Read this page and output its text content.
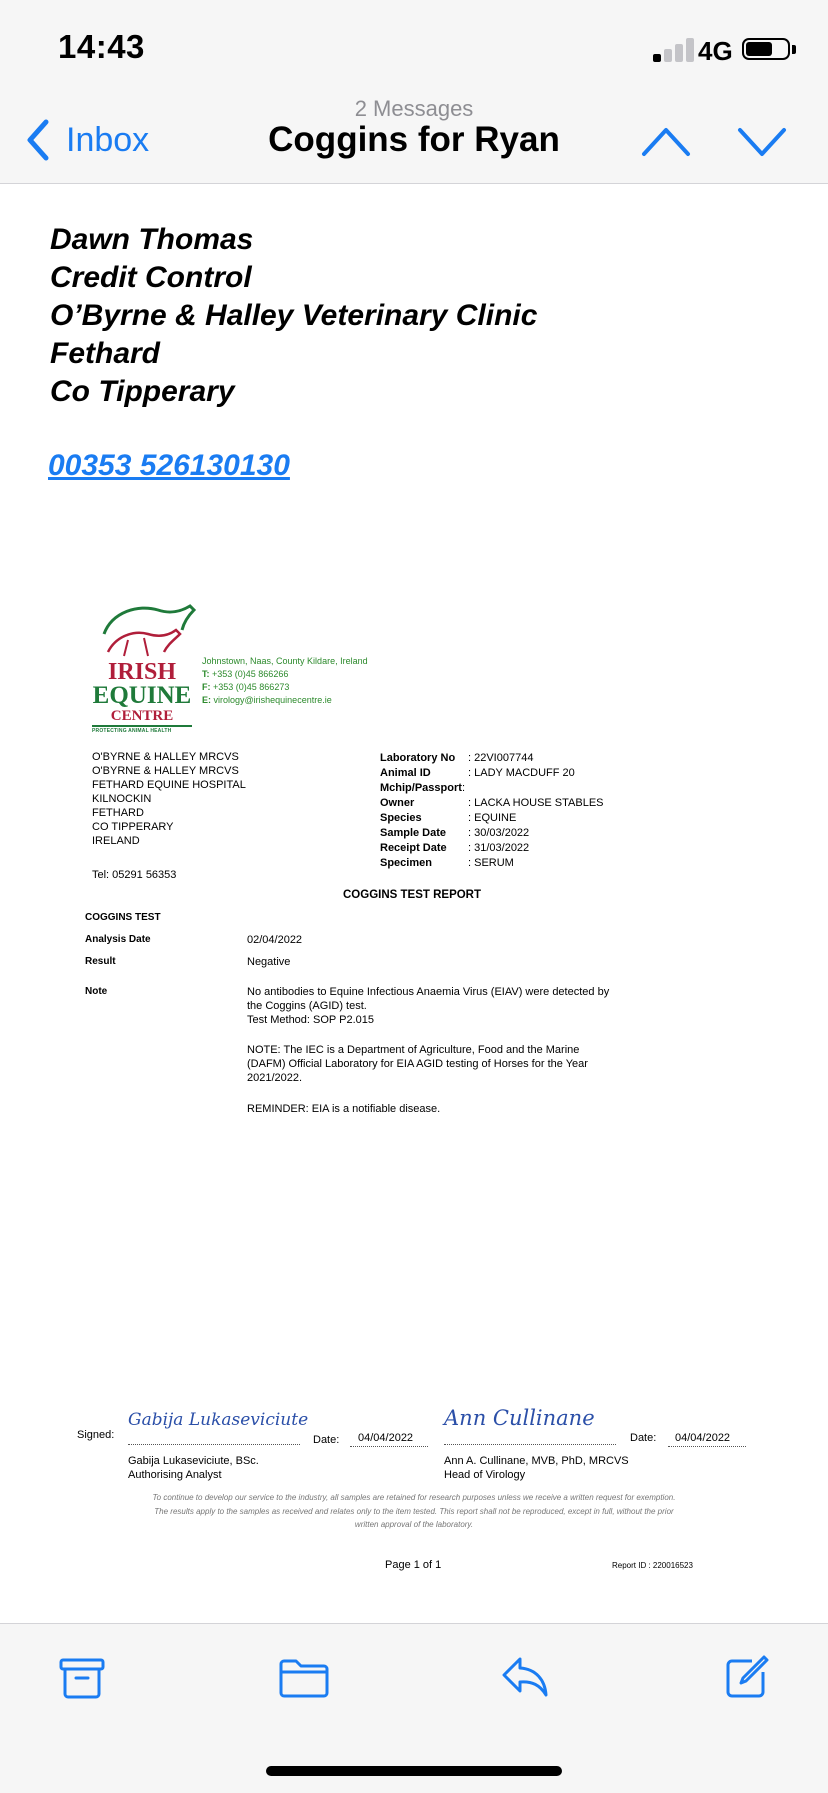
14:43	4G
Inbox
2 Messages
Coggins for Ryan
Dawn Thomas
Credit Control
O’Byrne & Halley Veterinary Clinic
Fethard
Co Tipperary
00353 526130130
IRISH
EQUINE
CENTRE
PROTECTING ANIMAL HEALTH
Johnstown, Naas, County Kildare, Ireland
T: +353 (0)45 866266
F: +353 (0)45 866273
E: virology@irishequinecentre.ie
O'BYRNE & HALLEY MRCVS
O'BYRNE & HALLEY MRCVS
FETHARD EQUINE HOSPITAL
KILNOCKIN
FETHARD
CO TIPPERARY
IRELAND
Tel: 05291 56353
Laboratory No : 22VI007744
Animal ID	: LADY MACDUFF 20
Mchip/Passport :
Owner	: LACKA HOUSE STABLES
Species	: EQUINE
Sample Date : 30/03/2022
Receipt Date : 31/03/2022
Specimen	: SERUM
COGGINS TEST REPORT
COGGINS TEST
Analysis Date	02/04/2022
Result	Negative
Note	No antibodies to Equine Infectious Anaemia Virus (EIAV) were detected by
the Coggins (AGID) test.
Test Method: SOP P2.015
NOTE: The IEC is a Department of Agriculture, Food and the Marine
(DAFM) Official Laboratory for EIA AGID testing of Horses for the Year
2021/2022.
REMINDER: EIA is a notifiable disease.
Signed:
Gabija Lukaseviciute
Date: 04/04/2022
Gabija Lukaseviciute, BSc.
Authorising Analyst
Ann Cullinane
Date: 04/04/2022
Ann A. Cullinane, MVB, PhD, MRCVS
Head of Virology
To continue to develop our service to the industry, all samples are retained for research purposes unless we receive a written request for exemption.
The results apply to the samples as received and relates only to the item tested. This report shall not be reproduced, except in full, without the prior
written approval of the laboratory.
Page 1 of 1	Report ID : 220016523
